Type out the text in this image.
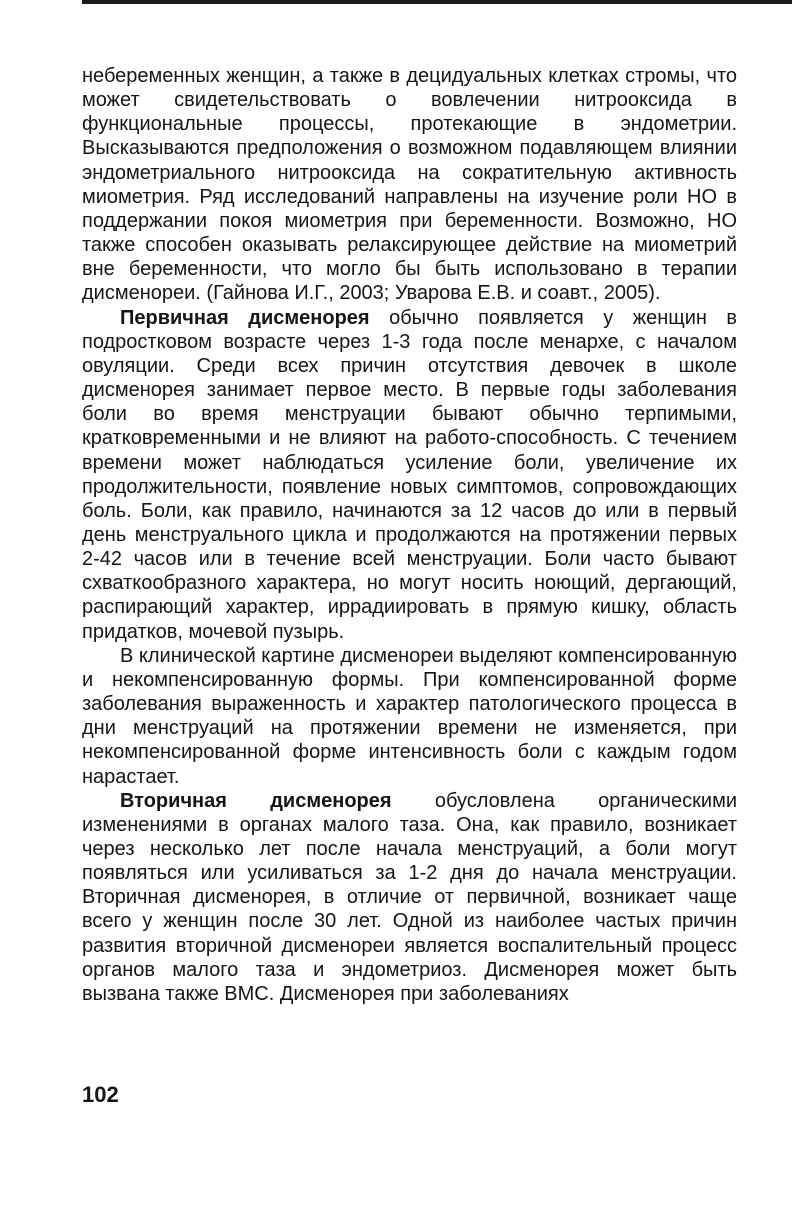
небеременных женщин, а также в децидуальных клетках стромы, что может свидетельствовать о вовлечении нитрооксида в функциональные процессы, протекающие в эндометрии. Высказываются предположения о возможном подавляющем влиянии эндометриального нитрооксида на сократительную активность миометрия. Ряд исследований направлены на изучение роли НО в поддержании покоя миометрия при беременности. Возможно, НО также способен оказывать релаксирующее действие на миометрий вне беременности, что могло бы быть использовано в терапии дисменореи. (Гайнова И.Г., 2003; Уварова Е.В. и соавт., 2005).

Первичная дисменорея обычно появляется у женщин в подростковом возрасте через 1-3 года после менархе, с началом овуляции. Среди всех причин отсутствия девочек в школе дисменорея занимает первое место. В первые годы заболевания боли во время менструации бывают обычно терпимыми, кратковременными и не влияют на работо-способность. С течением времени может наблюдаться усиление боли, увеличение их продолжительности, появление новых симптомов, сопровождающих боль. Боли, как правило, начинаются за 12 часов до или в первый день менструального цикла и продолжаются на протяжении первых 2-42 часов или в течение всей менструации. Боли часто бывают схваткообразного характера, но могут носить ноющий, дергающий, распирающий характер, иррадиировать в прямую кишку, область придатков, мочевой пузырь.

В клинической картине дисменореи выделяют компенсированную и некомпенсированную формы. При компенсированной форме заболевания выраженность и характер патологического процесса в дни менструаций на протяжении времени не изменяется, при некомпенсированной форме интенсивность боли с каждым годом нарастает.

Вторичная дисменорея обусловлена органическими изменениями в органах малого таза. Она, как правило, возникает через несколько лет после начала менструаций, а боли могут появляться или усиливаться за 1-2 дня до начала менструации. Вторичная дисменорея, в отличие от первичной, возникает чаще всего у женщин после 30 лет. Одной из наиболее частых причин развития вторичной дисменореи является воспалительный процесс органов малого таза и эндометриоз. Дисменорея может быть вызвана также ВМС. Дисменорея при заболеваниях

102
